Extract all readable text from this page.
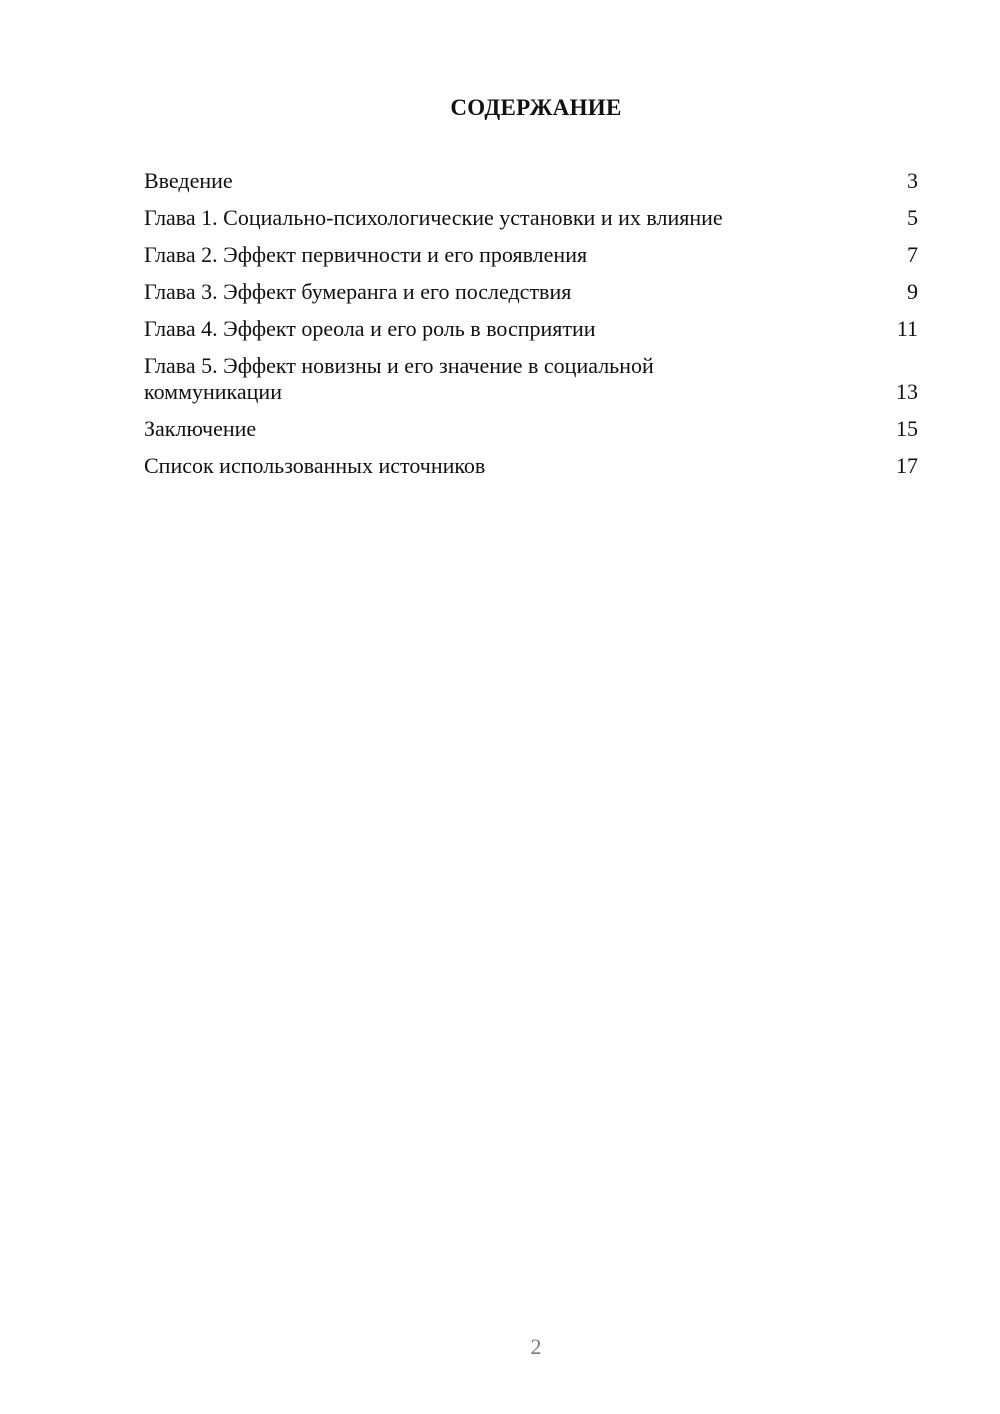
СОДЕРЖАНИЕ
Введение	3
Глава 1. Социально-психологические установки и их влияние	5
Глава 2. Эффект первичности и его проявления	7
Глава 3. Эффект бумеранга и его последствия	9
Глава 4. Эффект ореола и его роль в восприятии	11
Глава 5. Эффект новизны и его значение в социальной коммуникации	13
Заключение	15
Список использованных источников	17
2
